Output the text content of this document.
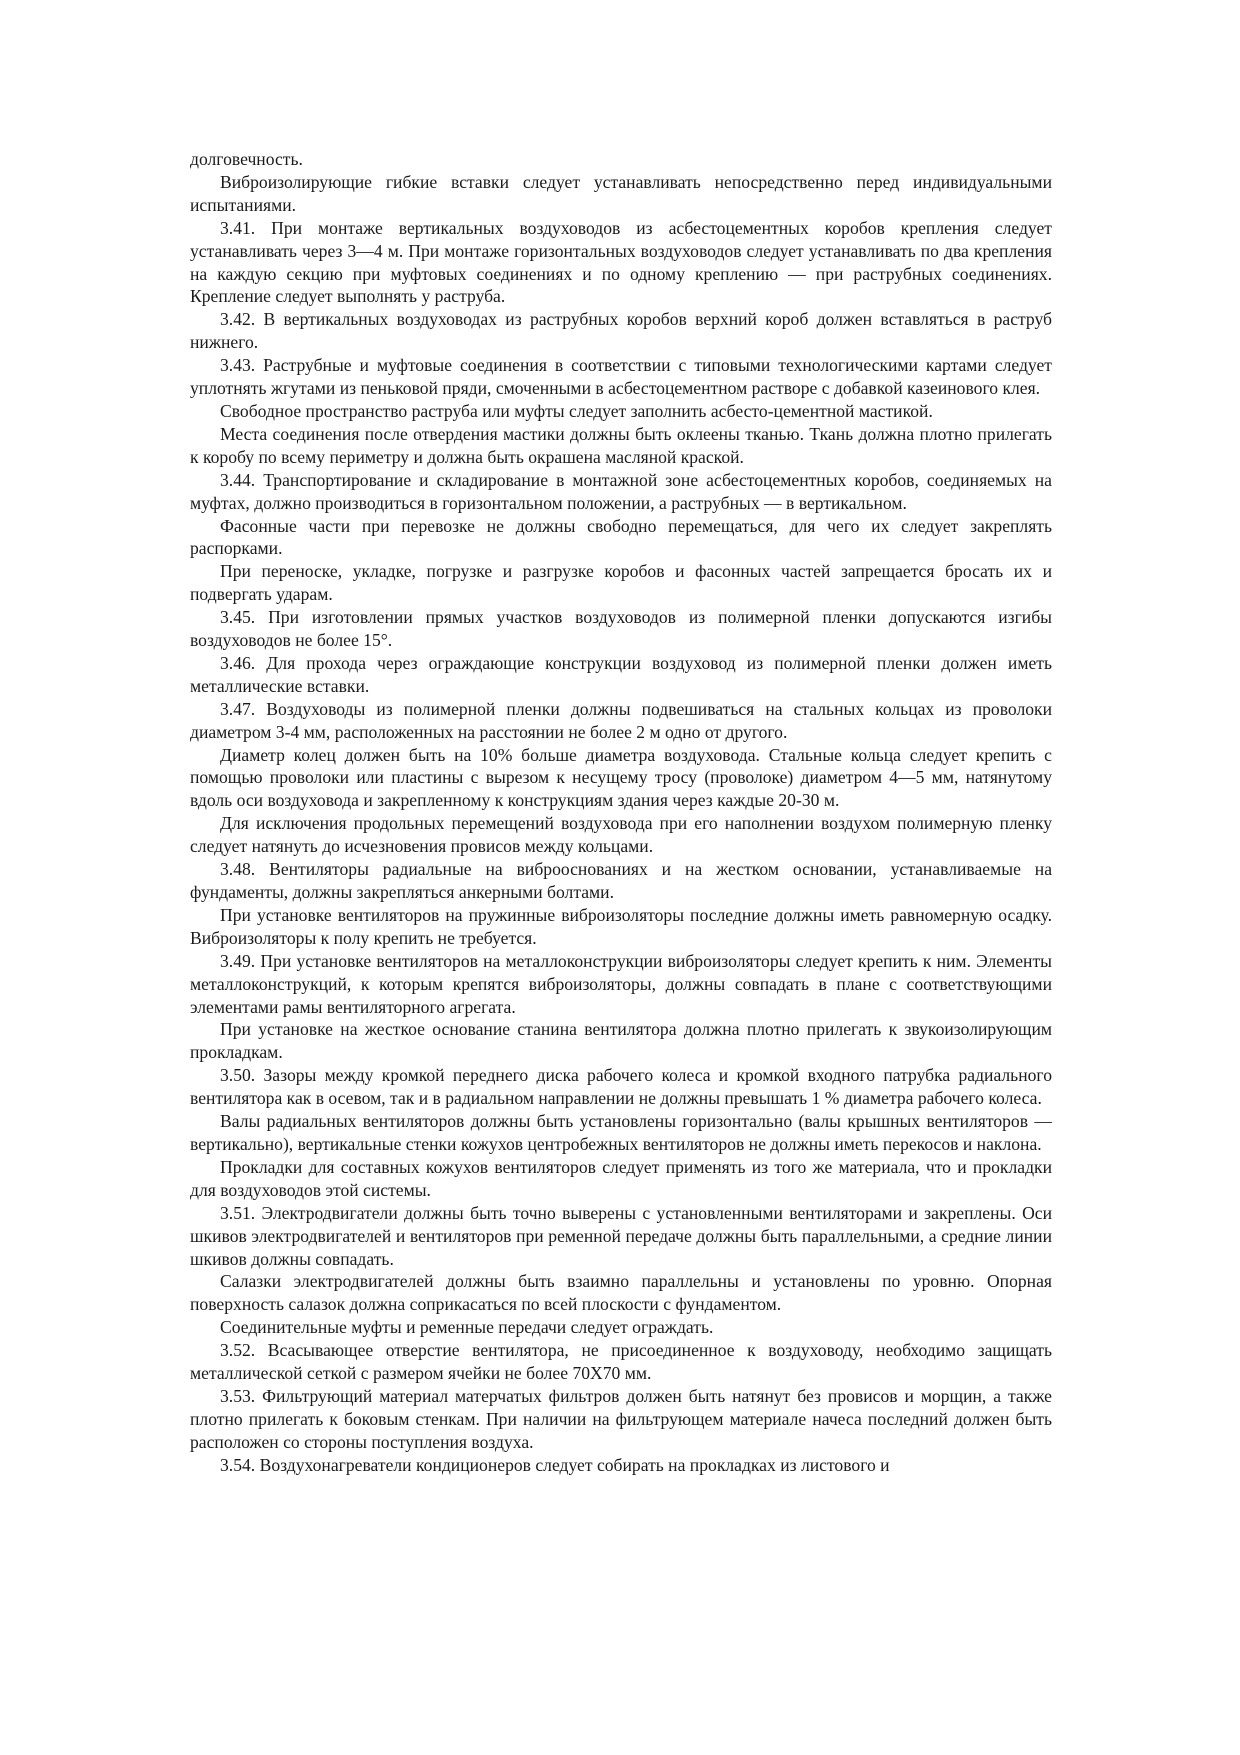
долговечность.

Виброизолирующие гибкие вставки следует устанавливать непосредственно перед индивидуальными испытаниями.

3.41. При монтаже вертикальных воздуховодов из асбестоцементных коробов крепления следует устанавливать через 3—4 м. При монтаже горизонтальных воздуховодов следует устанавливать по два крепления на каждую секцию при муфтовых соединениях и по одному креплению — при раструбных соединениях. Крепление следует выполнять у раструба.

3.42. В вертикальных воздуховодах из раструбных коробов верхний короб должен вставляться в раструб нижнего.

3.43. Раструбные и муфтовые соединения в соответствии с типовыми технологическими картами следует уплотнять жгутами из пеньковой пряди, смоченными в асбестоцементном растворе с добавкой казеинового клея.

Свободное пространство раструба или муфты следует заполнить асбесто-цементной мастикой.

Места соединения после отвердения мастики должны быть оклеены тканью. Ткань должна плотно прилегать к коробу по всему периметру и должна быть окрашена масляной краской.

3.44. Транспортирование и складирование в монтажной зоне асбестоцементных коробов, соединяемых на муфтах, должно производиться в горизонтальном положении, а раструбных — в вертикальном.

Фасонные части при перевозке не должны свободно перемещаться, для чего их следует закреплять распорками.

При переноске, укладке, погрузке и разгрузке коробов и фасонных частей запрещается бросать их и подвергать ударам.

3.45. При изготовлении прямых участков воздуховодов из полимерной пленки допускаются изгибы воздуховодов не более 15°.

3.46. Для прохода через ограждающие конструкции воздуховод из полимерной пленки должен иметь металлические вставки.

3.47. Воздуховоды из полимерной пленки должны подвешиваться на стальных кольцах из проволоки диаметром 3-4 мм, расположенных на расстоянии не более 2 м одно от другого.

Диаметр колец должен быть на 10% больше диаметра воздуховода. Стальные кольца следует крепить с помощью проволоки или пластины с вырезом к несущему тросу (проволоке) диаметром 4—5 мм, натянутому вдоль оси воздуховода и закрепленному к конструкциям здания через каждые 20-30 м.

Для исключения продольных перемещений воздуховода при его наполнении воздухом полимерную пленку следует натянуть до исчезновения провисов между кольцами.

3.48. Вентиляторы радиальные на виброоснованиях и на жестком основании, устанавливаемые на фундаменты, должны закрепляться анкерными болтами.

При установке вентиляторов на пружинные виброизоляторы последние должны иметь равномерную осадку. Виброизоляторы к полу крепить не требуется.

3.49. При установке вентиляторов на металлоконструкции виброизоляторы следует крепить к ним. Элементы металлоконструкций, к которым крепятся виброизоляторы, должны совпадать в плане с соответствующими элементами рамы вентиляторного агрегата.

При установке на жесткое основание станина вентилятора должна плотно прилегать к звукоизолирующим прокладкам.

3.50. Зазоры между кромкой переднего диска рабочего колеса и кромкой входного патрубка радиального вентилятора как в осевом, так и в радиальном направлении не должны превышать 1 % диаметра рабочего колеса.

Валы радиальных вентиляторов должны быть установлены горизонтально (валы крышных вентиляторов — вертикально), вертикальные стенки кожухов центробежных вентиляторов не должны иметь перекосов и наклона.

Прокладки для составных кожухов вентиляторов следует применять из того же материала, что и прокладки для воздуховодов этой системы.

3.51. Электродвигатели должны быть точно выверены с установленными вентиляторами и закреплены. Оси шкивов электродвигателей и вентиляторов при ременной передаче должны быть параллельными, а средние линии шкивов должны совпадать.

Салазки электродвигателей должны быть взаимно параллельны и установлены по уровню. Опорная поверхность салазок должна соприкасаться по всей плоскости с фундаментом.

Соединительные муфты и ременные передачи следует ограждать.

3.52. Всасывающее отверстие вентилятора, не присоединенное к воздуховоду, необходимо защищать металлической сеткой с размером ячейки не более 70Х70 мм.

3.53. Фильтрующий материал матерчатых фильтров должен быть натянут без провисов и морщин, а также плотно прилегать к боковым стенкам. При наличии на фильтрующем материале начеса последний должен быть расположен со стороны поступления воздуха.

3.54. Воздухонагреватели кондиционеров следует собирать на прокладках из листового и
